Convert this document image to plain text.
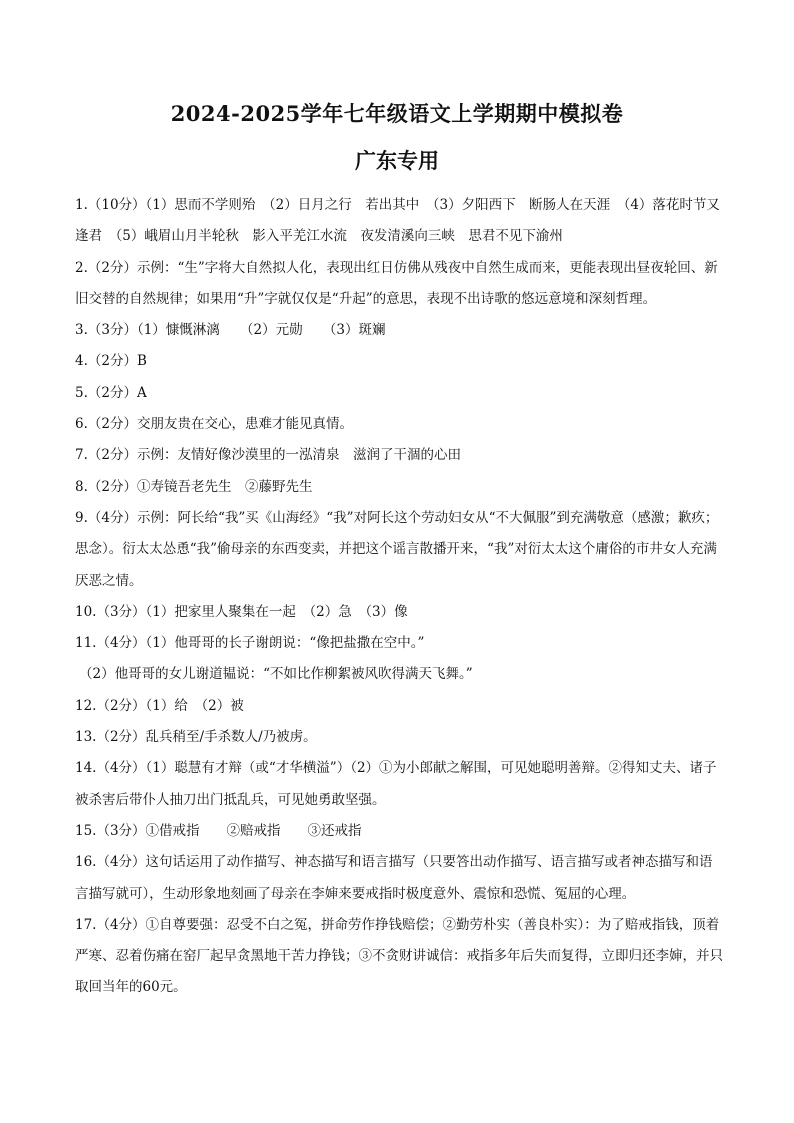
2024-2025学年七年级语文上学期期中模拟卷
广东专用

1.（10分）（1）思而不学则殆　（2）日月之行　若出其中　（3）夕阳西下　断肠人在天涯　（4）落花时节又逢君　（5）峨眉山月半轮秋　影入平羌江水流　夜发清溪向三峡　思君不见下渝州

2.（2分）示例：“生”字将大自然拟人化，表现出红日仿佛从残夜中自然生成而来，更能表现出昼夜轮回、新旧交替的自然规律；如果用“升”字就仅仅是“升起”的意思，表现不出诗歌的悠远意境和深刻哲理。

3.（3分）（1）慷慨淋漓　　（2）元勋　　（3）斑斓

4.（2分）B

5.（2分）A

6.（2分）交朋友贵在交心，患难才能见真情。

7.（2分）示例：友情好像沙漠里的一泓清泉　滋润了干涸的心田

8.（2分）①寿镜吾老先生　②藤野先生

9.（4分）示例：阿长给“我”买《山海经》“我”对阿长这个劳动妇女从“不大佩服”到充满敬意（感激；歉疚；思念）。衍太太怂恿“我”偷母亲的东西变卖，并把这个谣言散播开来，“我”对衍太太这个庸俗的市井女人充满厌恶之情。

10.（3分）（1）把家里人聚集在一起　（2）急　（3）像

11.（4分）（1）他哥哥的长子谢朗说：“像把盐撒在空中。”

（2）他哥哥的女儿谢道韫说：“不如比作柳絮被风吹得满天飞舞。”

12.（2分）（1）给　（2）被

13.（2分）乱兵稍至/手杀数人/乃被虏。

14.（4分）（1）聪慧有才辩（或“才华横溢”）（2）①为小郎献之解围，可见她聪明善辩。②得知丈夫、诸子被杀害后带仆人抽刀出门抵乱兵，可见她勇敢坚强。

15.（3分）①借戒指　　②赔戒指　　③还戒指

16.（4分）这句话运用了动作描写、神态描写和语言描写（只要答出动作描写、语言描写或者神态描写和语言描写就可），生动形象地刻画了母亲在李婶来要戒指时极度意外、震惊和恐慌、冤屈的心理。

17.（4分）①自尊要强：忍受不白之冤，拼命劳作挣钱赔偿；②勤劳朴实（善良朴实）：为了赔戒指钱，顶着严寒、忍着伤痛在窑厂起早贪黑地干苦力挣钱；③不贪财讲诚信：戒指多年后失而复得，立即归还李婶，并只取回当年的60元。
